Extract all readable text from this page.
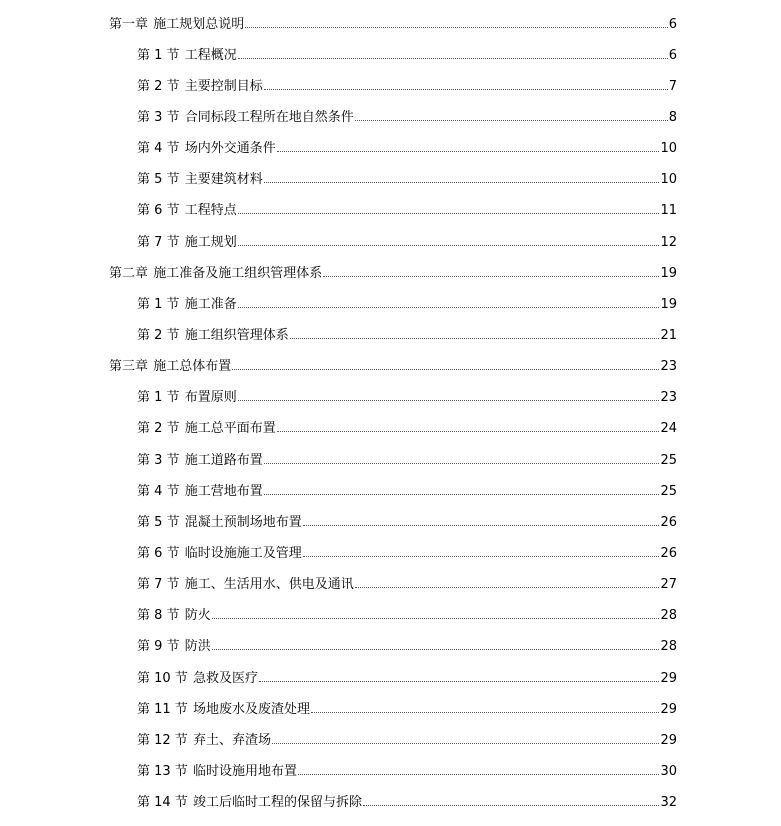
第一章 施工规划总说明	6
第 1 节 工程概况	6
第 2 节 主要控制目标	7
第 3 节 合同标段工程所在地自然条件	8
第 4 节 场内外交通条件	10
第 5 节 主要建筑材料	10
第 6 节 工程特点	11
第 7 节 施工规划	12
第二章 施工准备及施工组织管理体系	19
第 1 节 施工准备	19
第 2 节 施工组织管理体系	21
第三章 施工总体布置	23
第 1 节 布置原则	23
第 2 节 施工总平面布置	24
第 3 节 施工道路布置	25
第 4 节 施工营地布置	25
第 5 节 混凝土预制场地布置	26
第 6 节 临时设施施工及管理	26
第 7 节 施工、生活用水、供电及通讯	27
第 8 节 防火	28
第 9 节 防洪	28
第 10 节 急救及医疗	29
第 11 节 场地废水及废渣处理	29
第 12 节 弃土、弃渣场	29
第 13 节 临时设施用地布置	30
第 14 节 竣工后临时工程的保留与拆除	32
